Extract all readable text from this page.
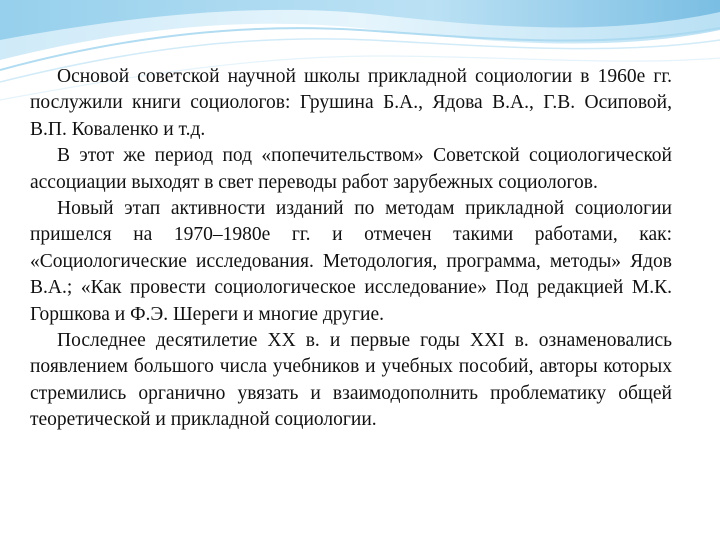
Основой советской научной школы прикладной социологии в 1960е гг. послужили книги социологов: Грушина Б.А., Ядова В.А., Г.В. Осиповой, В.П. Коваленко и т.д.

В этот же период под «попечительством» Советской социологической ассоциации выходят в свет переводы работ зарубежных социологов.

Новый этап активности изданий по методам прикладной социологии пришелся на 1970–1980е гг. и отмечен такими работами, как: «Социологические исследования. Методология, программа, методы» Ядов В.А.; «Как провести социологическое исследование» Под редакцией М.К. Горшкова и Ф.Э. Шереги и многие другие.

Последнее десятилетие XX в. и первые годы XXI в. ознаменовались появлением большого числа учебников и учебных пособий, авторы которых стремились органично увязать и взаимодополнить проблематику общей теоретической и прикладной социологии.
